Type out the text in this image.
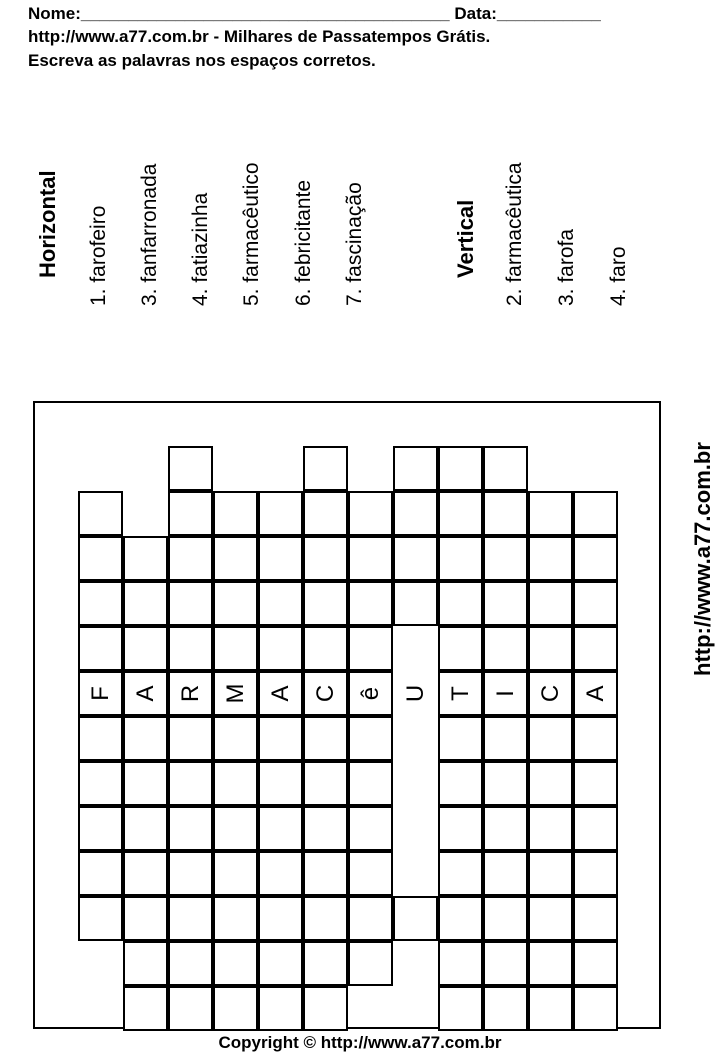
Nome:_______________________________________ Data:___________
http://www.a77.com.br - Milhares de Passatempos Grátis.
Escreva as palavras nos espaços corretos.
Horizontal 1. farofeiro 3. fanfarronada 4. fatiazinha 5. farmacêutico 6. febricitante 7. fascinação	Vertical 2. farmacêutica 3. farofa 4. faro
F A R M A C ê U T I C A
http://www.a77.com.br
Copyright © http://www.a77.com.br
